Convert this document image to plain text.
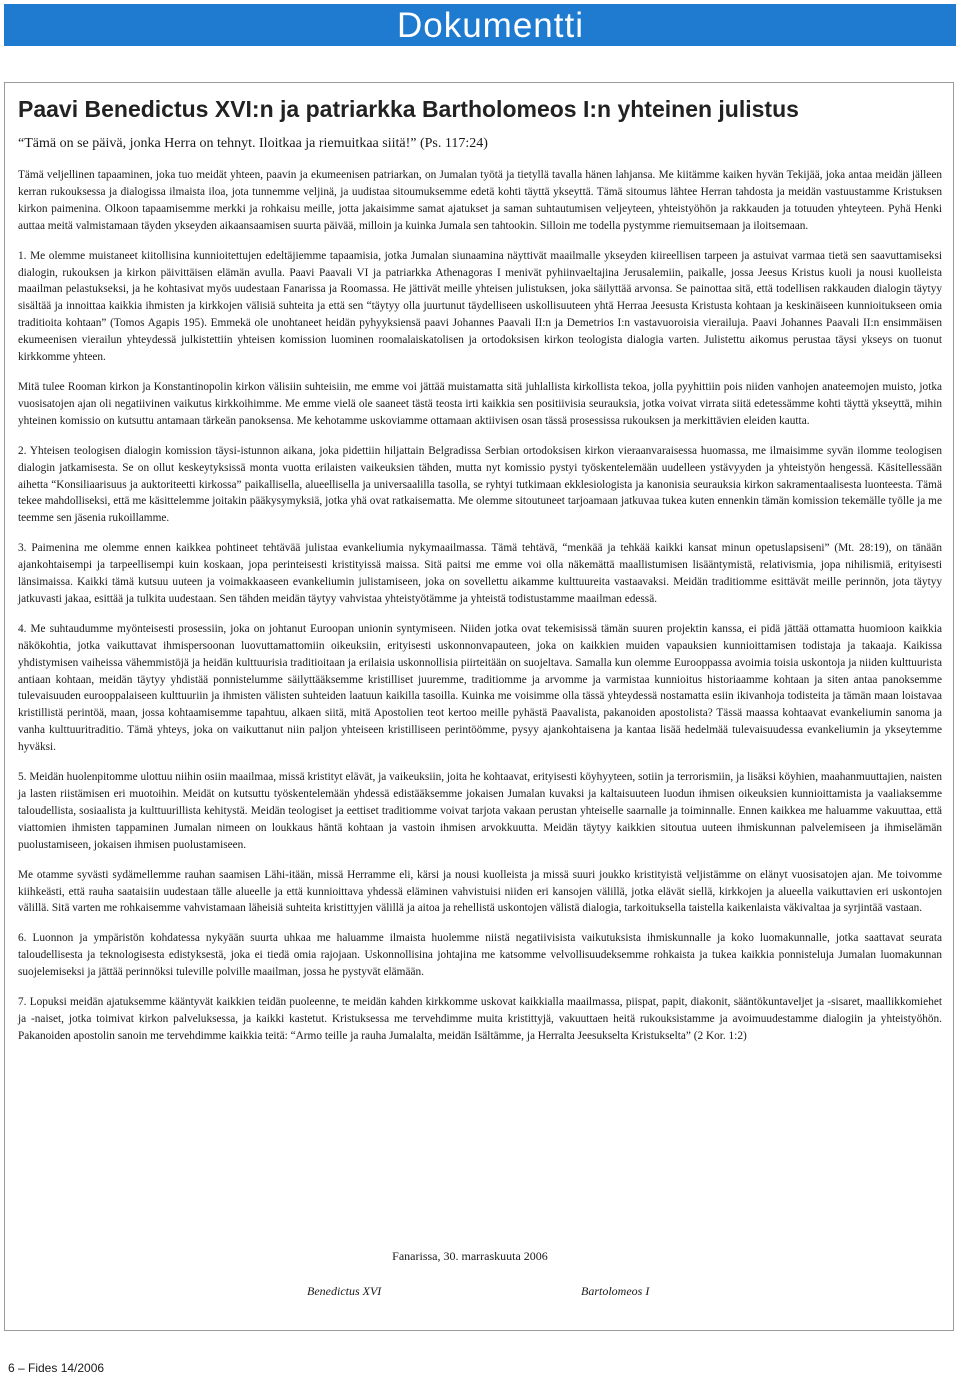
Dokumentti
Paavi Benedictus XVI:n ja patriarkka Bartholomeos I:n yhteinen julistus

“Tämä on se päivä, jonka Herra on tehnyt. Iloitkaa ja riemuitkaa siitä!” (Ps. 117:24)

Tämä veljellinen tapaaminen, joka tuo meidät yhteen, paavin ja ekumeenisen patriarkan, on Jumalan työtä ja tietyllä tavalla hänen lahjansa. Me kiitämme kaiken hyvän Tekijää, joka antaa meidän jälleen kerran rukouksessa ja dialogissa ilmaista iloa, jota tunnemme veljinä, ja uudistaa sitoumuksemme edetä kohti täyttä ykseyttä. Tämä sitoumus lähtee Herran tahdosta ja meidän vastuustamme Kristuksen kirkon paimenina. Olkoon tapaamisemme merkki ja rohkaisu meille, jotta jakaisimme samat ajatukset ja saman suhtautumisen veljeyteen, yhteistyöhön ja rakkauden ja totuuden yhteyteen. Pyhä Henki auttaa meitä valmistamaan täyden ykseyden aikaansaamisen suurta päivää, milloin ja kuinka Jumala sen tahtookin. Silloin me todella pystymme riemuitsemaan ja iloitsemaan.

1. Me olemme muistaneet kiitollisina kunnioitettujen edeltäjiemme tapaamisia, jotka Jumalan siunaamina näyttivät maailmalle ykseyden kiireellisen tarpeen ja astuivat varmaa tietä sen saavuttamiseksi dialogin, rukouksen ja kirkon päivittäisen elämän avulla. Paavi Paavali VI ja patriarkka Athenagoras I menivät pyhiinvaeltajina Jerusalemiin, paikalle, jossa Jeesus Kristus kuoli ja nousi kuolleista maailman pelastukseksi, ja he kohtasivat myös uudestaan Fanarissa ja Roomassa. He jättivät meille yhteisen julistuksen, joka säilyttää arvonsa. Se painottaa sitä, että todellisen rakkauden dialogin täytyy sisältää ja innoittaa kaikkia ihmisten ja kirkkojen välisiä suhteita ja että sen “täytyy olla juurtunut täydelliseen uskollisuuteen yhtä Herraa Jeesusta Kristusta kohtaan ja keskinäiseen kunnioitukseen omia traditioita kohtaan” (Tomos Agapis 195). Emmekä ole unohtaneet heidän pyhyyksiensä paavi Johannes Paavali II:n ja Demetrios I:n vastavuoroisia vierailuja. Paavi Johannes Paavali II:n ensimmäisen ekumeenisen vierailun yhteydessä julkistettiin yhteisen komission luominen roomalaiskatolisen ja ortodoksisen kirkon teologista dialogia varten. Julistettu aikomus perustaa täysi ykseys on tuonut kirkkomme yhteen.

Mitä tulee Rooman kirkon ja Konstantinopolin kirkon välisiin suhteisiin, me emme voi jättää muistamatta sitä juhlallista kirkollista tekoa, jolla pyyhittiin pois niiden vanhojen anateemojen muisto, jotka vuosisatojen ajan oli negatiivinen vaikutus kirkkoihimme. Me emme vielä ole saaneet tästä teosta irti kaikkia sen positiivisia seurauksia, jotka voivat virrata siitä edetessämme kohti täyttä ykseyttä, mihin yhteinen komissio on kutsuttu antamaan tärkeän panoksensa. Me kehotamme uskoviamme ottamaan aktiivisen osan tässä prosessissa rukouksen ja merkittävien eleiden kautta.

2. Yhteisen teologisen dialogin komission täysi-istunnon aikana, joka pidettiin hiljattain Belgradissa Serbian ortodoksisen kirkon vieraanvaraisessa huomassa, me ilmaisimme syvän ilomme teologisen dialogin jatkamisesta. Se on ollut keskeytyksissä monta vuotta erilaisten vaikeuksien tähden, mutta nyt komissio pystyi työskentelemään uudelleen ystävyyden ja yhteistyön hengessä. Käsitellessään aihetta “Konsiliaarisuus ja auktoriteetti kirkossa” paikallisella, alueellisella ja universaalilla tasolla, se ryhtyi tutkimaan ekklesiologista ja kanonisia seurauksia kirkon sakramentaalisesta luonteesta. Tämä tekee mahdolliseksi, että me käsittelemme joitakin pääkysymyksiä, jotka yhä ovat ratkaisematta. Me olemme sitoutuneet tarjoamaan jatkuvaa tukea kuten ennenkin tämän komission tekemälle työlle ja me teemme sen jäsenia rukoillamme.

3. Paimenina me olemme ennen kaikkea pohtineet tehtävää julistaa evankeliumia nykymaailmassa. Tämä tehtävä, “menkää ja tehkää kaikki kansat minun opetuslapsiseni” (Mt. 28:19), on tänään ajankohtaisempi ja tarpeellisempi kuin koskaan, jopa perinteisesti kristityissä maissa. Sitä paitsi me emme voi olla näkemättä maallistumisen lisääntymistä, relativismia, jopa nihilismiä, erityisesti länsimaissa. Kaikki tämä kutsuu uuteen ja voimakkaaseen evankeliumin julistamiseen, joka on sovellettu aikamme kulttuureita vastaavaksi. Meidän traditiomme esittävät meille perinnön, jota täytyy jatkuvasti jakaa, esittää ja tulkita uudestaan. Sen tähden meidän täytyy vahvistaa yhteistyötämme ja yhteistä todistustamme maailman edessä.

4. Me suhtaudumme myönteisesti prosessiin, joka on johtanut Euroopan unionin syntymiseen. Niiden jotka ovat tekemisissä tämän suuren projektin kanssa, ei pidä jättää ottamatta huomioon kaikkia näkökohtia, jotka vaikuttavat ihmispersoonan luovuttamattomiin oikeuksiin, erityisesti uskonnonvapauteen, joka on kaikkien muiden vapauksien kunnioittamisen todistaja ja takaaja. Kaikissa yhdistymisen vaiheissa vähemmistöjä ja heidän kulttuurisia traditioitaan ja erilaisia uskonnollisia piirteitään on suojeltava. Samalla kun olemme Eurooppassa avoimia toisia uskontoja ja niiden kulttuurista antiaan kohtaan, meidän täytyy yhdistää ponnistelumme säilyttääksemme kristilliset juuremme, traditiomme ja arvomme ja varmistaa kunnioitus historiaamme kohtaan ja siten antaa panoksemme tulevaisuuden eurooppalaiseen kulttuuriin ja ihmisten välisten suhteiden laatuun kaikilla tasoilla. Kuinka me voisimme olla tässä yhteydessä nostamatta esiin ikivanhoja todisteita ja tämän maan loistavaa kristillistä perintöä, maan, jossa kohtaamisemme tapahtuu, alkaen siitä, mitä Apostolien teot kertoo meille pyhästä Paavalista, pakanoiden apostolista? Tässä maassa kohtaavat evankeliumin sanoma ja vanha kulttuuritraditio. Tämä yhteys, joka on vaikuttanut niin paljon yhteiseen kristilliseen perintöömme, pysyy ajankohtaisena ja kantaa lisää hedelmää tulevaisuudessa evankeliumin ja ykseytemme hyväksi.

5. Meidän huolenpitomme ulottuu niihin osiin maailmaa, missä kristityt elävät, ja vaikeuksiin, joita he kohtaavat, erityisesti köyhyyteen, sotiin ja terrorismiin, ja lisäksi köyhien, maahanmuuttajien, naisten ja lasten riistämisen eri muotoihin. Meidät on kutsuttu työskentelemään yhdessä edistääksemme jokaisen Jumalan kuvaksi ja kaltaisuuteen luodun ihmisen oikeuksien kunnioittamista ja vaaliaksemme taloudellista, sosiaalista ja kulttuurillista kehitystä. Meidän teologiset ja eettiset traditiomme voivat tarjota vakaan perustan yhteiselle saarnalle ja toiminnalle. Ennen kaikkea me haluamme vakuuttaa, että viattomien ihmisten tappaminen Jumalan nimeen on loukkaus häntä kohtaan ja vastoin ihmisen arvokkuutta. Meidän täytyy kaikkien sitoutua uuteen ihmiskunnan palvelemiseen ja ihmiselämän puolustamiseen, jokaisen ihmisen puolustamiseen.

Me otamme syvästi sydämellemme rauhan saamisen Lähi-itään, missä Herramme eli, kärsi ja nousi kuolleista ja missä suuri joukko kristityistä veljistämme on elänyt vuosisatojen ajan. Me toivomme kiihkeästi, että rauha saataisiin uudestaan tälle alueelle ja että kunnioittava yhdessä eläminen vahvistuisi niiden eri kansojen välillä, jotka elävät siellä, kirkkojen ja alueella vaikuttavien eri uskontojen välillä. Sitä varten me rohkaisemme vahvistamaan läheisiä suhteita kristittyjen välillä ja aitoa ja rehellistä uskontojen välistä dialogia, tarkoituksella taistella kaikenlaista väkivaltaa ja syrjintää vastaan.

6. Luonnon ja ympäristön kohdatessa nykyään suurta uhkaa me haluamme ilmaista huolemme niistä negatiivisista vaikutuksista ihmiskunnalle ja koko luomakunnalle, jotka saattavat seurata taloudellisesta ja teknologisesta edistyksestä, joka ei tiedä omia rajojaan. Uskonnollisina johtajina me katsomme velvollisuudeksemme rohkaista ja tukea kaikkia ponnisteluja Jumalan luomakunnan suojelemiseksi ja jättää perinnöksi tuleville polville maailman, jossa he pystyvät elämään.

7. Lopuksi meidän ajatuksemme kääntyvät kaikkien teidän puoleenne, te meidän kahden kirkkomme uskovat kaikkialla maailmassa, piispat, papit, diakonit, sääntökuntaveljet ja -sisaret, maallikkomiehet ja -naiset, jotka toimivat kirkon palveluksessa, ja kaikki kastetut. Kristuksessa me tervehdimme muita kristittyjä, vakuuttaen heitä rukouksistamme ja avoimuudestamme dialogiin ja yhteistyöhön. Pakanoiden apostolin sanoin me tervehdimme kaikkia teitä: “Armo teille ja rauha Jumalalta, meidän Isältämme, ja Herralta Jeesukselta Kristukselta” (2 Kor. 1:2)

Fanarissa, 30. marraskuuta 2006
Benedictus XVI	Bartolomeos I
6 – Fides 14/2006
